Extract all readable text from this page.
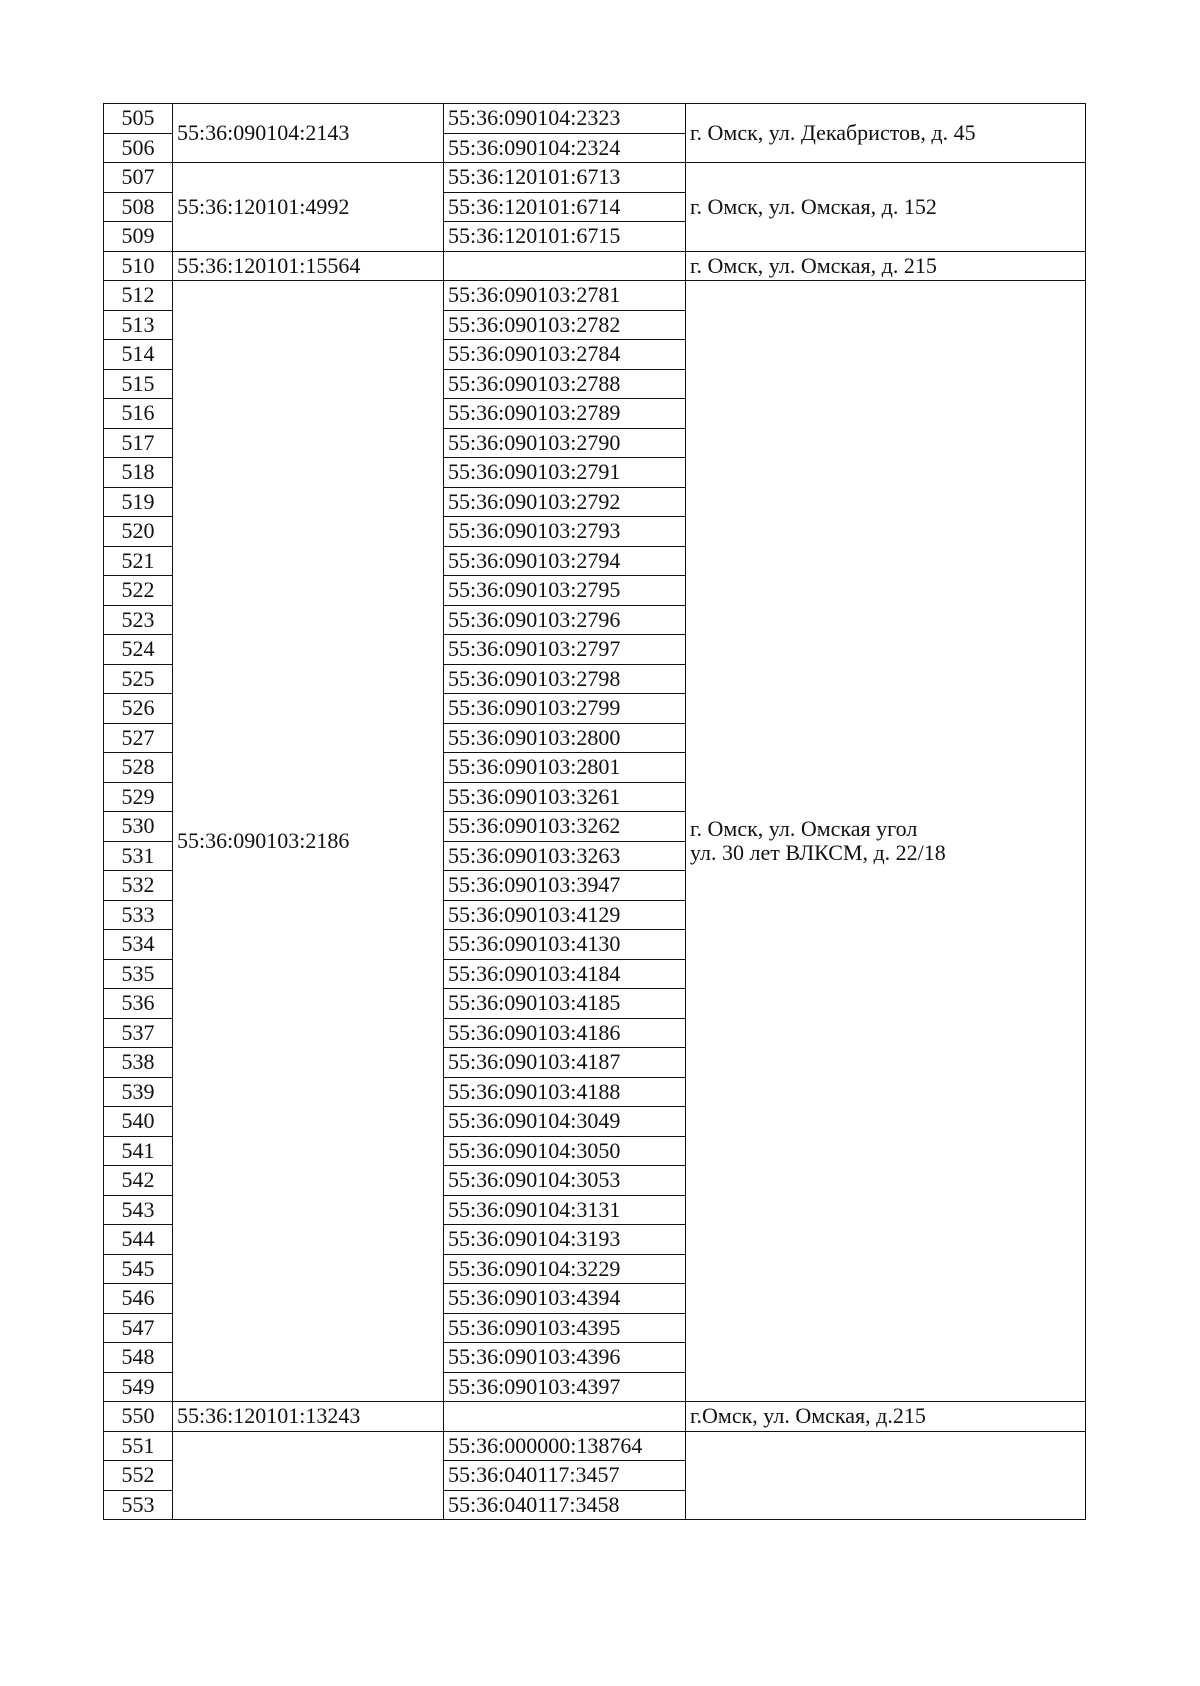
505	55:36:090104:2143	55:36:090104:2323	г. Омск, ул. Декабристов, д. 45
506		55:36:090104:2324	
507	55:36:120101:4992	55:36:120101:6713	г. Омск, ул. Омская, д. 152
508		55:36:120101:6714	
509		55:36:120101:6715	
510	55:36:120101:15564		г. Омск, ул. Омская, д. 215
512	55:36:090103:2186	55:36:090103:2781	г. Омск, ул. Омская угол
ул. 30 лет ВЛКСМ, д. 22/18

513		55:36:090103:2782	
514		55:36:090103:2784	
515		55:36:090103:2788	
516		55:36:090103:2789	
517		55:36:090103:2790	
518		55:36:090103:2791	
519		55:36:090103:2792	
520		55:36:090103:2793	
521		55:36:090103:2794	
522		55:36:090103:2795	
523		55:36:090103:2796	
524		55:36:090103:2797	
525		55:36:090103:2798	
526		55:36:090103:2799	
527		55:36:090103:2800	
528		55:36:090103:2801	
529		55:36:090103:3261	
530		55:36:090103:3262	
531		55:36:090103:3263	
532		55:36:090103:3947	
533		55:36:090103:4129	
534		55:36:090103:4130	
535		55:36:090103:4184	
536		55:36:090103:4185	
537		55:36:090103:4186	
538		55:36:090103:4187	
539		55:36:090103:4188	
540		55:36:090104:3049	
541		55:36:090104:3050	
542		55:36:090104:3053	
543		55:36:090104:3131	
544		55:36:090104:3193	
545		55:36:090104:3229	
546		55:36:090103:4394	
547		55:36:090103:4395	
548		55:36:090103:4396	
549		55:36:090103:4397	
550	55:36:120101:13243		г.Омск, ул. Омская, д.215
551		55:36:000000:138764	
552		55:36:040117:3457	
553		55:36:040117:3458	
